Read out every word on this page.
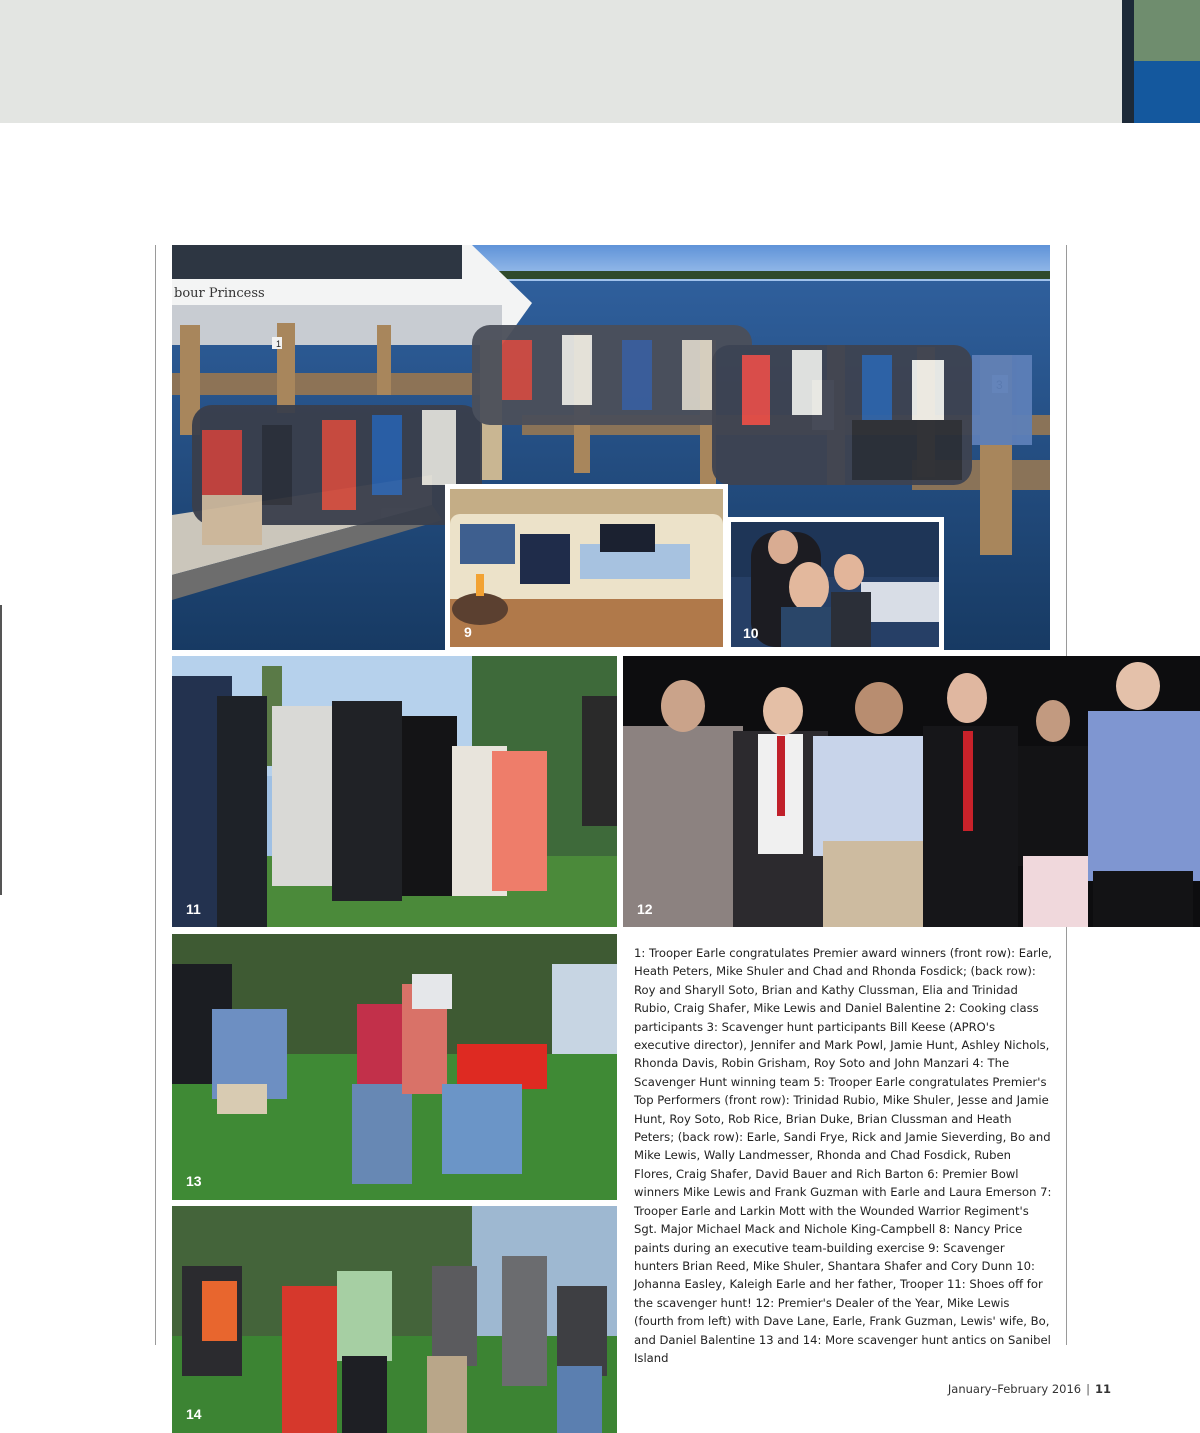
bour Princess
1
9	10
11	12
13
14

1: Trooper Earle congratulates Premier award winners (front row): Earle, Heath Peters, Mike Shuler and Chad and Rhonda Fosdick; (back row): Roy and Sharyll Soto, Brian and Kathy Clussman, Elia and Trinidad Rubio, Craig Shafer, Mike Lewis and Daniel Balentine 2: Cooking class participants 3: Scavenger hunt participants Bill Keese (APRO's executive director), Jennifer and Mark Powl, Jamie Hunt, Ashley Nichols, Rhonda Davis, Robin Grisham, Roy Soto and John Manzari 4: The Scavenger Hunt winning team 5: Trooper Earle congratulates Premier's Top Performers (front row): Trinidad Rubio, Mike Shuler, Jesse and Jamie Hunt, Roy Soto, Rob Rice, Brian Duke, Brian Clussman and Heath Peters; (back row): Earle, Sandi Frye, Rick and Jamie Sieverding, Bo and Mike Lewis, Wally Landmesser, Rhonda and Chad Fosdick, Ruben Flores, Craig Shafer, David Bauer and Rich Barton 6: Premier Bowl winners Mike Lewis and Frank Guzman with Earle and Laura Emerson 7: Trooper Earle and Larkin Mott with the Wounded Warrior Regiment's Sgt. Major Michael Mack and Nichole King-Campbell 8: Nancy Price paints during an executive team-building exercise 9: Scavenger hunters Brian Reed, Mike Shuler, Shantara Shafer and Cory Dunn 10: Johanna Easley, Kaleigh Earle and her father, Trooper 11: Shoes off for the scavenger hunt! 12: Premier's Dealer of the Year, Mike Lewis (fourth from left) with Dave Lane, Earle, Frank Guzman, Lewis' wife, Bo, and Daniel Balentine 13 and 14: More scavenger hunt antics on Sanibel Island

January–February 2016 | 11
